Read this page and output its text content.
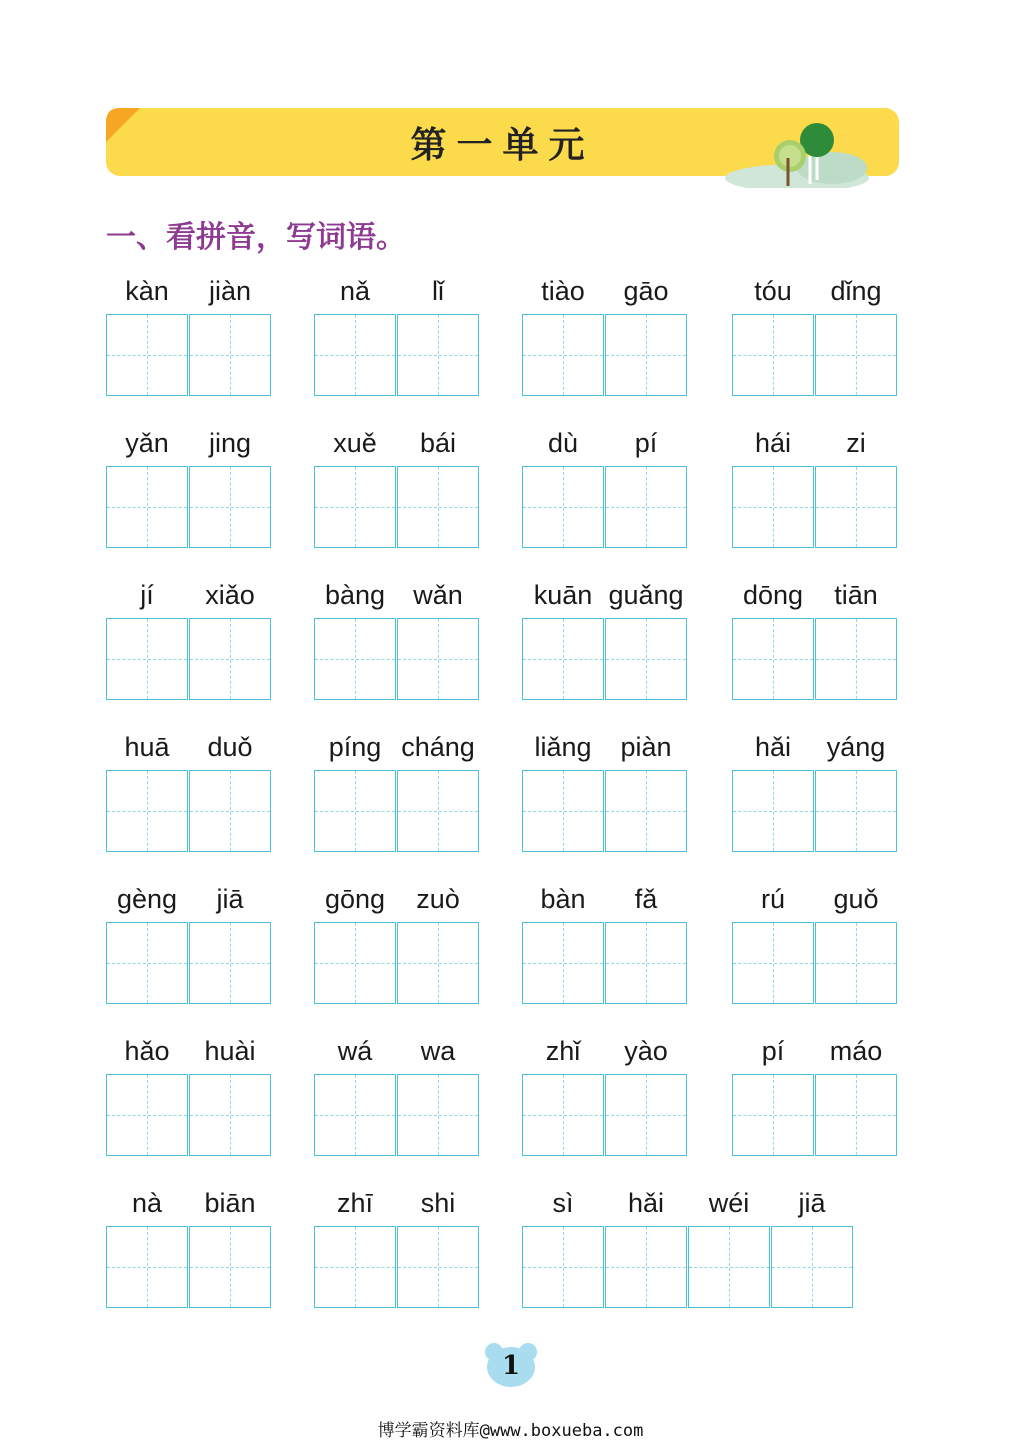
第一单元
一、看拼音，写词语。
kàn	jiàn	nǎ	lǐ	tiào	gāo	tóu	dǐng
yǎn	jing	xuě	bái	dù	pí	hái	zi
jí	xiǎo	bàng	wǎn	kuān guǎng	dōng	tiān
huā	duǒ	píng cháng	liǎng	piàn	hǎi	yáng
gèng	jiā	gōng	zuò	bàn	fǎ	rú	guǒ
hǎo	huài	wá	wa	zhǐ	yào	pí	máo
nà	biān	zhī	shi	sì	hǎi	wéi	jiā
1
博学霸资料库@www.boxueba.com
